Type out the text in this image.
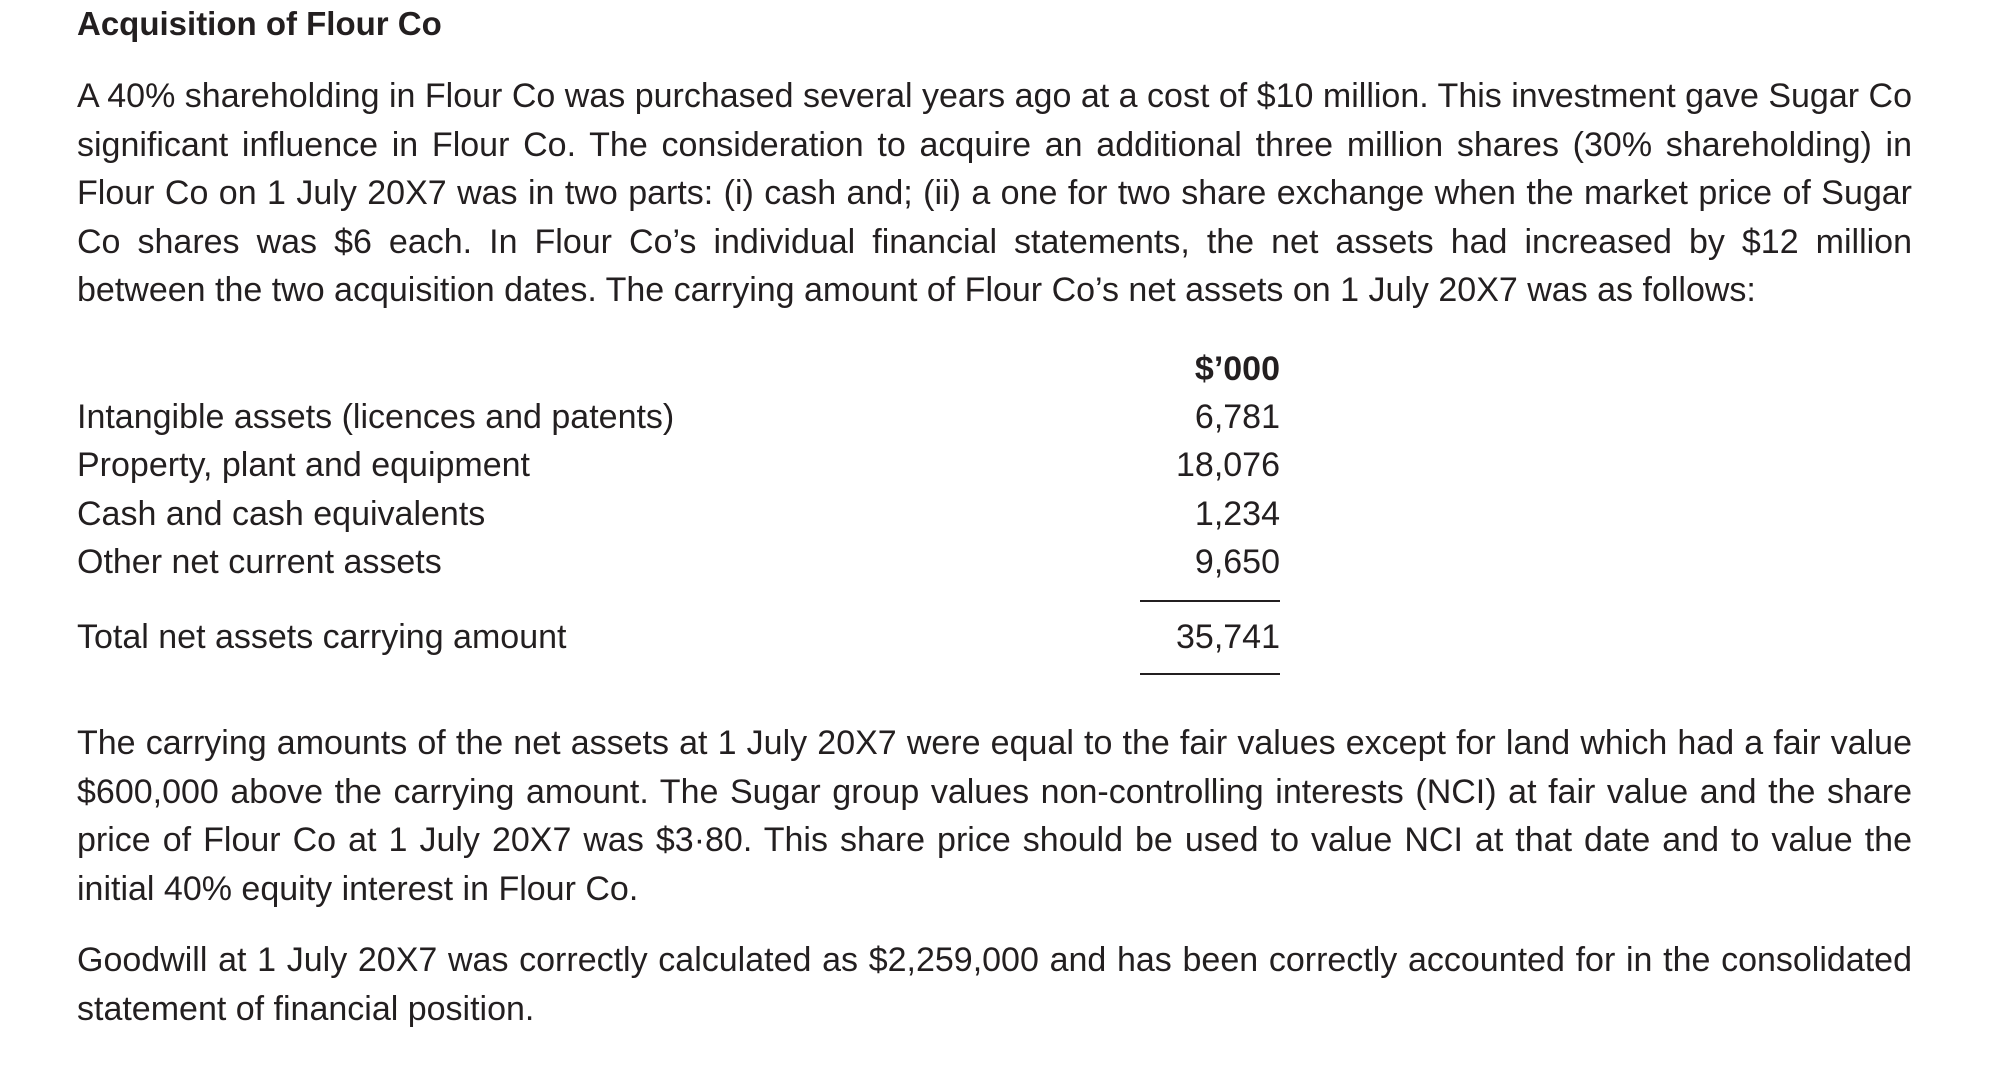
Acquisition of Flour Co

A 40% shareholding in Flour Co was purchased several years ago at a cost of $10 million. This investment gave Sugar Co significant influence in Flour Co. The consideration to acquire an additional three million shares (30% shareholding) in Flour Co on 1 July 20X7 was in two parts: (i) cash and; (ii) a one for two share exchange when the market price of Sugar Co shares was $6 each. In Flour Co’s individual financial statements, the net assets had increased by $12 million between the two acquisition dates. The carrying amount of Flour Co’s net assets on 1 July 20X7 was as follows:

$’000
Intangible assets (licences and patents)	6,781
Property, plant and equipment	18,076
Cash and cash equivalents	1,234
Other net current assets	9,650
Total net assets carrying amount	35,741

The carrying amounts of the net assets at 1 July 20X7 were equal to the fair values except for land which had a fair value $600,000 above the carrying amount. The Sugar group values non-controlling interests (NCI) at fair value and the share price of Flour Co at 1 July 20X7 was $3·80. This share price should be used to value NCI at that date and to value the initial 40% equity interest in Flour Co.

Goodwill at 1 July 20X7 was correctly calculated as $2,259,000 and has been correctly accounted for in the consolidated statement of financial position.
